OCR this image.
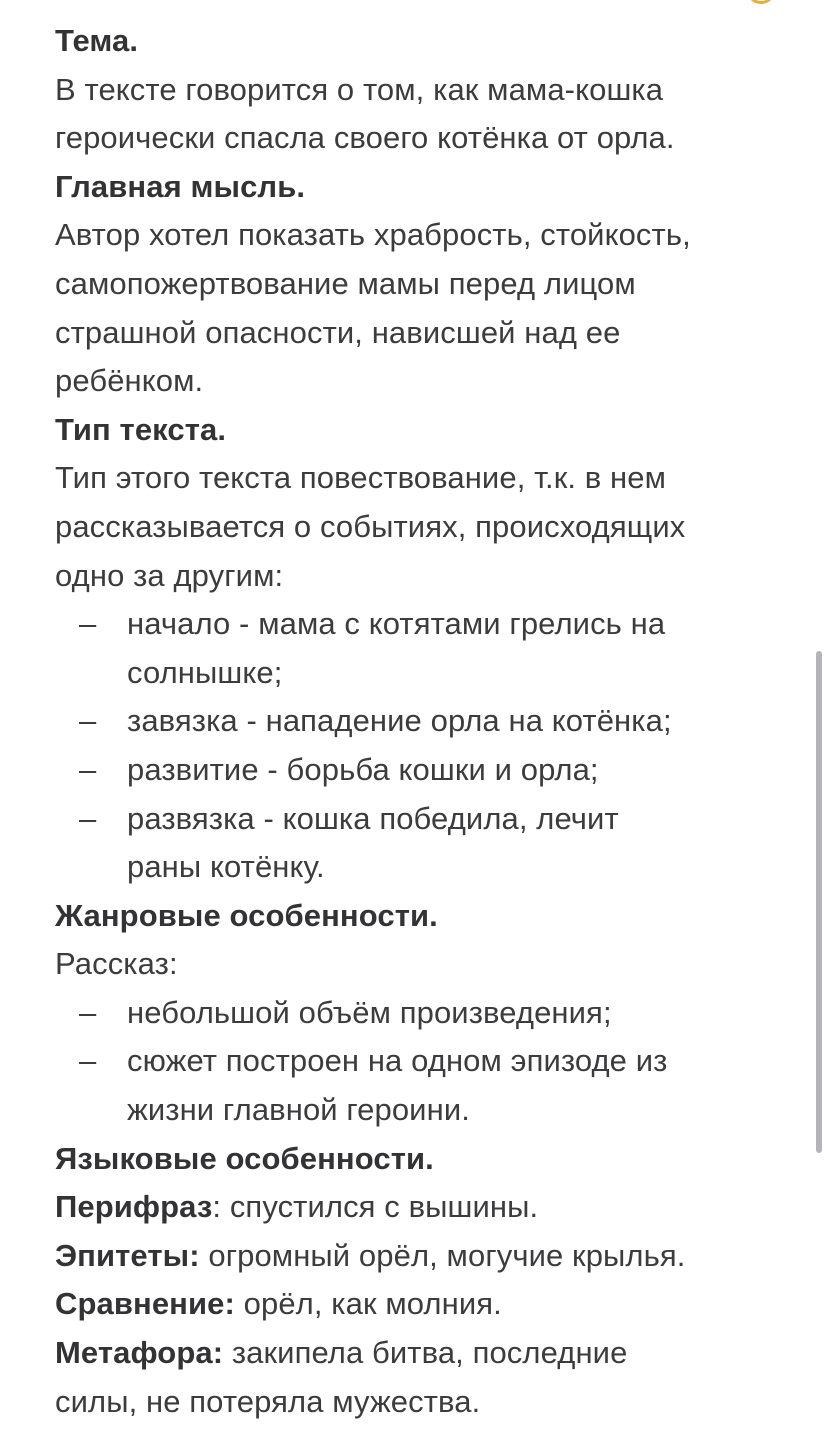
Тема.
В тексте говорится о том, как мама-кошка
героически спасла своего котёнка от орла.
Главная мысль.
Автор хотел показать храбрость, стойкость,
самопожертвование мамы перед лицом
страшной опасности, нависшей над ее
ребёнком.
Тип текста.
Тип этого текста повествование, т.к. в нем
рассказывается о событиях, происходящих
одно за другим:
– начало - мама с котятами грелись на
солнышке;
– завязка - нападение орла на котёнка;
– развитие - борьба кошки и орла;
– развязка - кошка победила, лечит
раны котёнку.
Жанровые особенности.
Рассказ:
– небольшой объём произведения;
– сюжет построен на одном эпизоде из
жизни главной героини.
Языковые особенности.
Перифраз: спустился с вышины.
Эпитеты: огромный орёл, могучие крылья.
Сравнение: орёл, как молния.
Метафора: закипела битва, последние
силы, не потеряла мужества.
